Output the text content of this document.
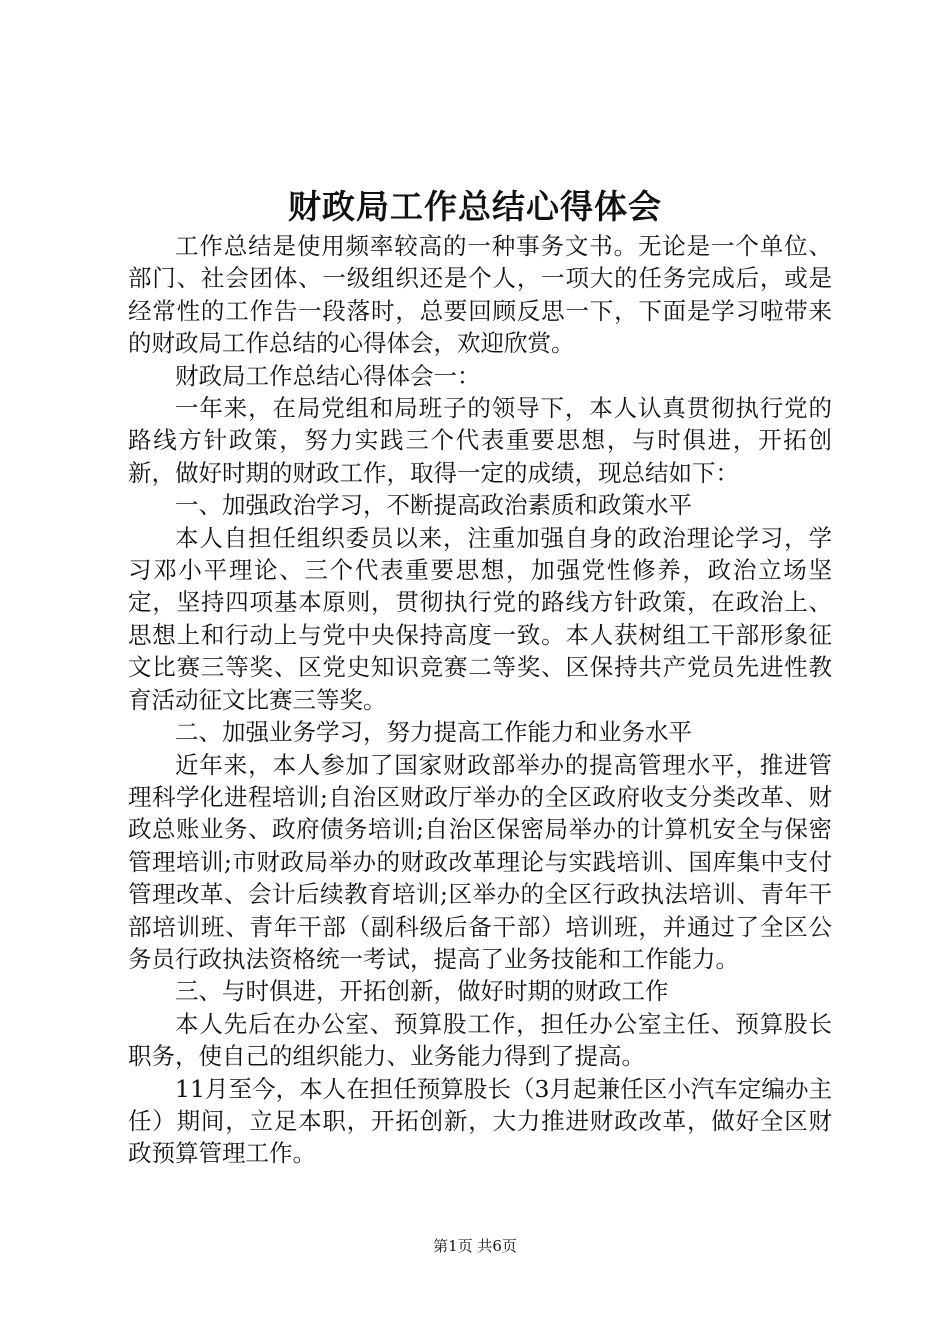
财政局工作总结心得体会

工作总结是使用频率较高的一种事务文书。无论是一个单位、部门、社会团体、一级组织还是个人，一项大的任务完成后，或是经常性的工作告一段落时，总要回顾反思一下，下面是学习啦带来的财政局工作总结的心得体会，欢迎欣赏。

财政局工作总结心得体会一：

一年来，在局党组和局班子的领导下，本人认真贯彻执行党的路线方针政策，努力实践三个代表重要思想，与时俱进，开拓创新，做好时期的财政工作，取得一定的成绩，现总结如下：

一、加强政治学习，不断提高政治素质和政策水平

本人自担任组织委员以来，注重加强自身的政治理论学习，学习邓小平理论、三个代表重要思想，加强党性修养，政治立场坚定，坚持四项基本原则，贯彻执行党的路线方针政策，在政治上、思想上和行动上与党中央保持高度一致。本人获树组工干部形象征文比赛三等奖、区党史知识竞赛二等奖、区保持共产党员先进性教育活动征文比赛三等奖。

二、加强业务学习，努力提高工作能力和业务水平

近年来，本人参加了国家财政部举办的提高管理水平，推进管理科学化进程培训;自治区财政厅举办的全区政府收支分类改革、财政总账业务、政府债务培训;自治区保密局举办的计算机安全与保密管理培训;市财政局举办的财政改革理论与实践培训、国库集中支付管理改革、会计后续教育培训;区举办的全区行政执法培训、青年干部培训班、青年干部（副科级后备干部）培训班，并通过了全区公务员行政执法资格统一考试，提高了业务技能和工作能力。

三、与时俱进，开拓创新，做好时期的财政工作

本人先后在办公室、预算股工作，担任办公室主任、预算股长职务，使自己的组织能力、业务能力得到了提高。

11月至今，本人在担任预算股长（3月起兼任区小汽车定编办主任）期间，立足本职，开拓创新，大力推进财政改革，做好全区财政预算管理工作。

第1页 共6页
